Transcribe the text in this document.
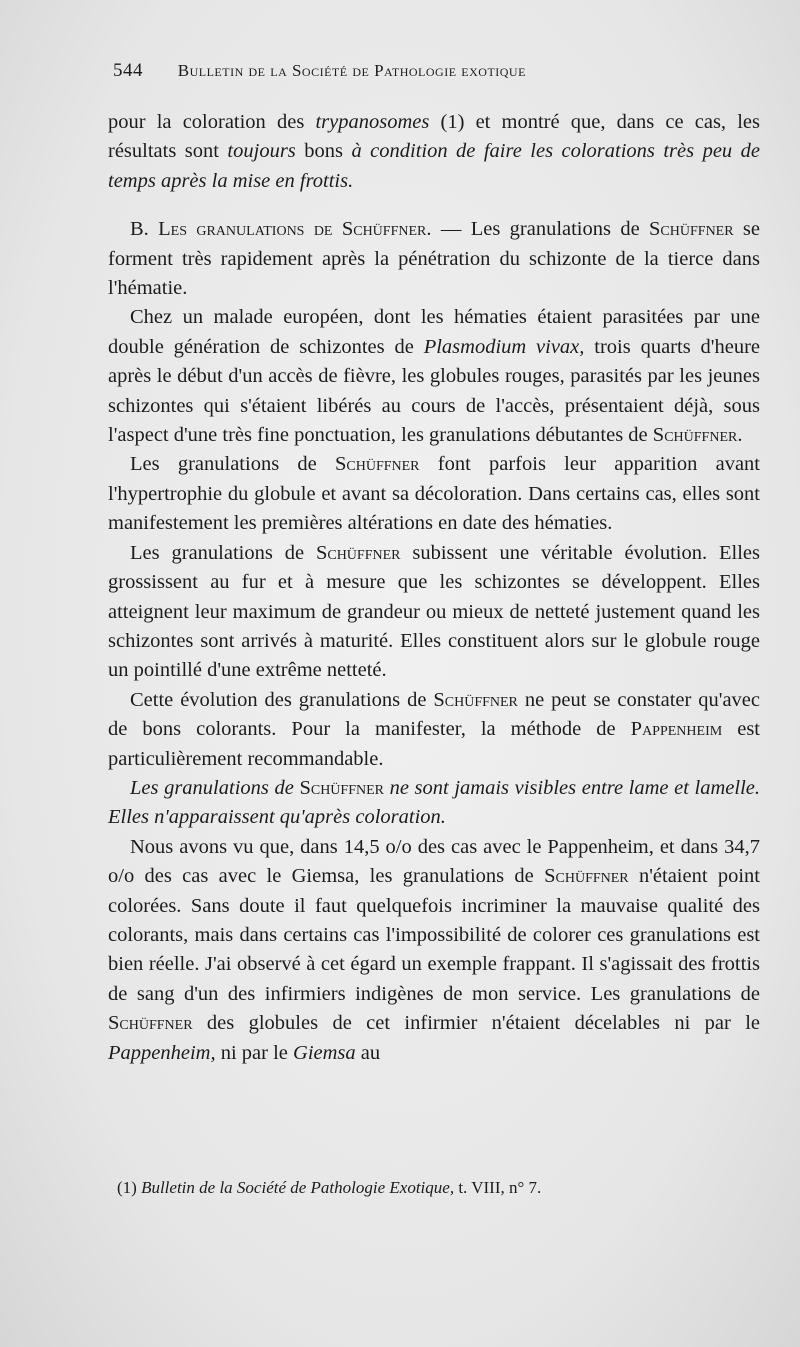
544 Bulletin de la Société de Pathologie exotique

pour la coloration des trypanosomes (1) et montré que, dans ce cas, les résultats sont toujours bons à condition de faire les colorations très peu de temps après la mise en frottis.

B. Les granulations de Schüffner. — Les granulations de Schüffner se forment très rapidement après la pénétration du schizonte de la tierce dans l'hématie.

Chez un malade européen, dont les hématies étaient parasitées par une double génération de schizontes de Plasmodium vivax, trois quarts d'heure après le début d'un accès de fièvre, les globules rouges, parasités par les jeunes schizontes qui s'étaient libérés au cours de l'accès, présentaient déjà, sous l'aspect d'une très fine ponctuation, les granulations débutantes de Schüffner.

Les granulations de Schüffner font parfois leur apparition avant l'hypertrophie du globule et avant sa décoloration. Dans certains cas, elles sont manifestement les premières altérations en date des hématies.

Les granulations de Schüffner subissent une véritable évolution. Elles grossissent au fur et à mesure que les schizontes se développent. Elles atteignent leur maximum de grandeur ou mieux de netteté justement quand les schizontes sont arrivés à maturité. Elles constituent alors sur le globule rouge un pointillé d'une extrême netteté.

Cette évolution des granulations de Schüffner ne peut se constater qu'avec de bons colorants. Pour la manifester, la méthode de Pappenheim est particulièrement recommandable.

Les granulations de Schüffner ne sont jamais visibles entre lame et lamelle. Elles n'apparaissent qu'après coloration.

Nous avons vu que, dans 14,5 o/o des cas avec le Pappenheim, et dans 34,7 o/o des cas avec le Giemsa, les granulations de Schüffner n'étaient point colorées. Sans doute il faut quelquefois incriminer la mauvaise qualité des colorants, mais dans certains cas l'impossibilité de colorer ces granulations est bien réelle. J'ai observé à cet égard un exemple frappant. Il s'agissait des frottis de sang d'un des infirmiers indigènes de mon service. Les granulations de Schüffner des globules de cet infirmier n'étaient décelables ni par le Pappenheim, ni par le Giemsa au

(1) Bulletin de la Société de Pathologie Exotique, t. VIII, n° 7.
